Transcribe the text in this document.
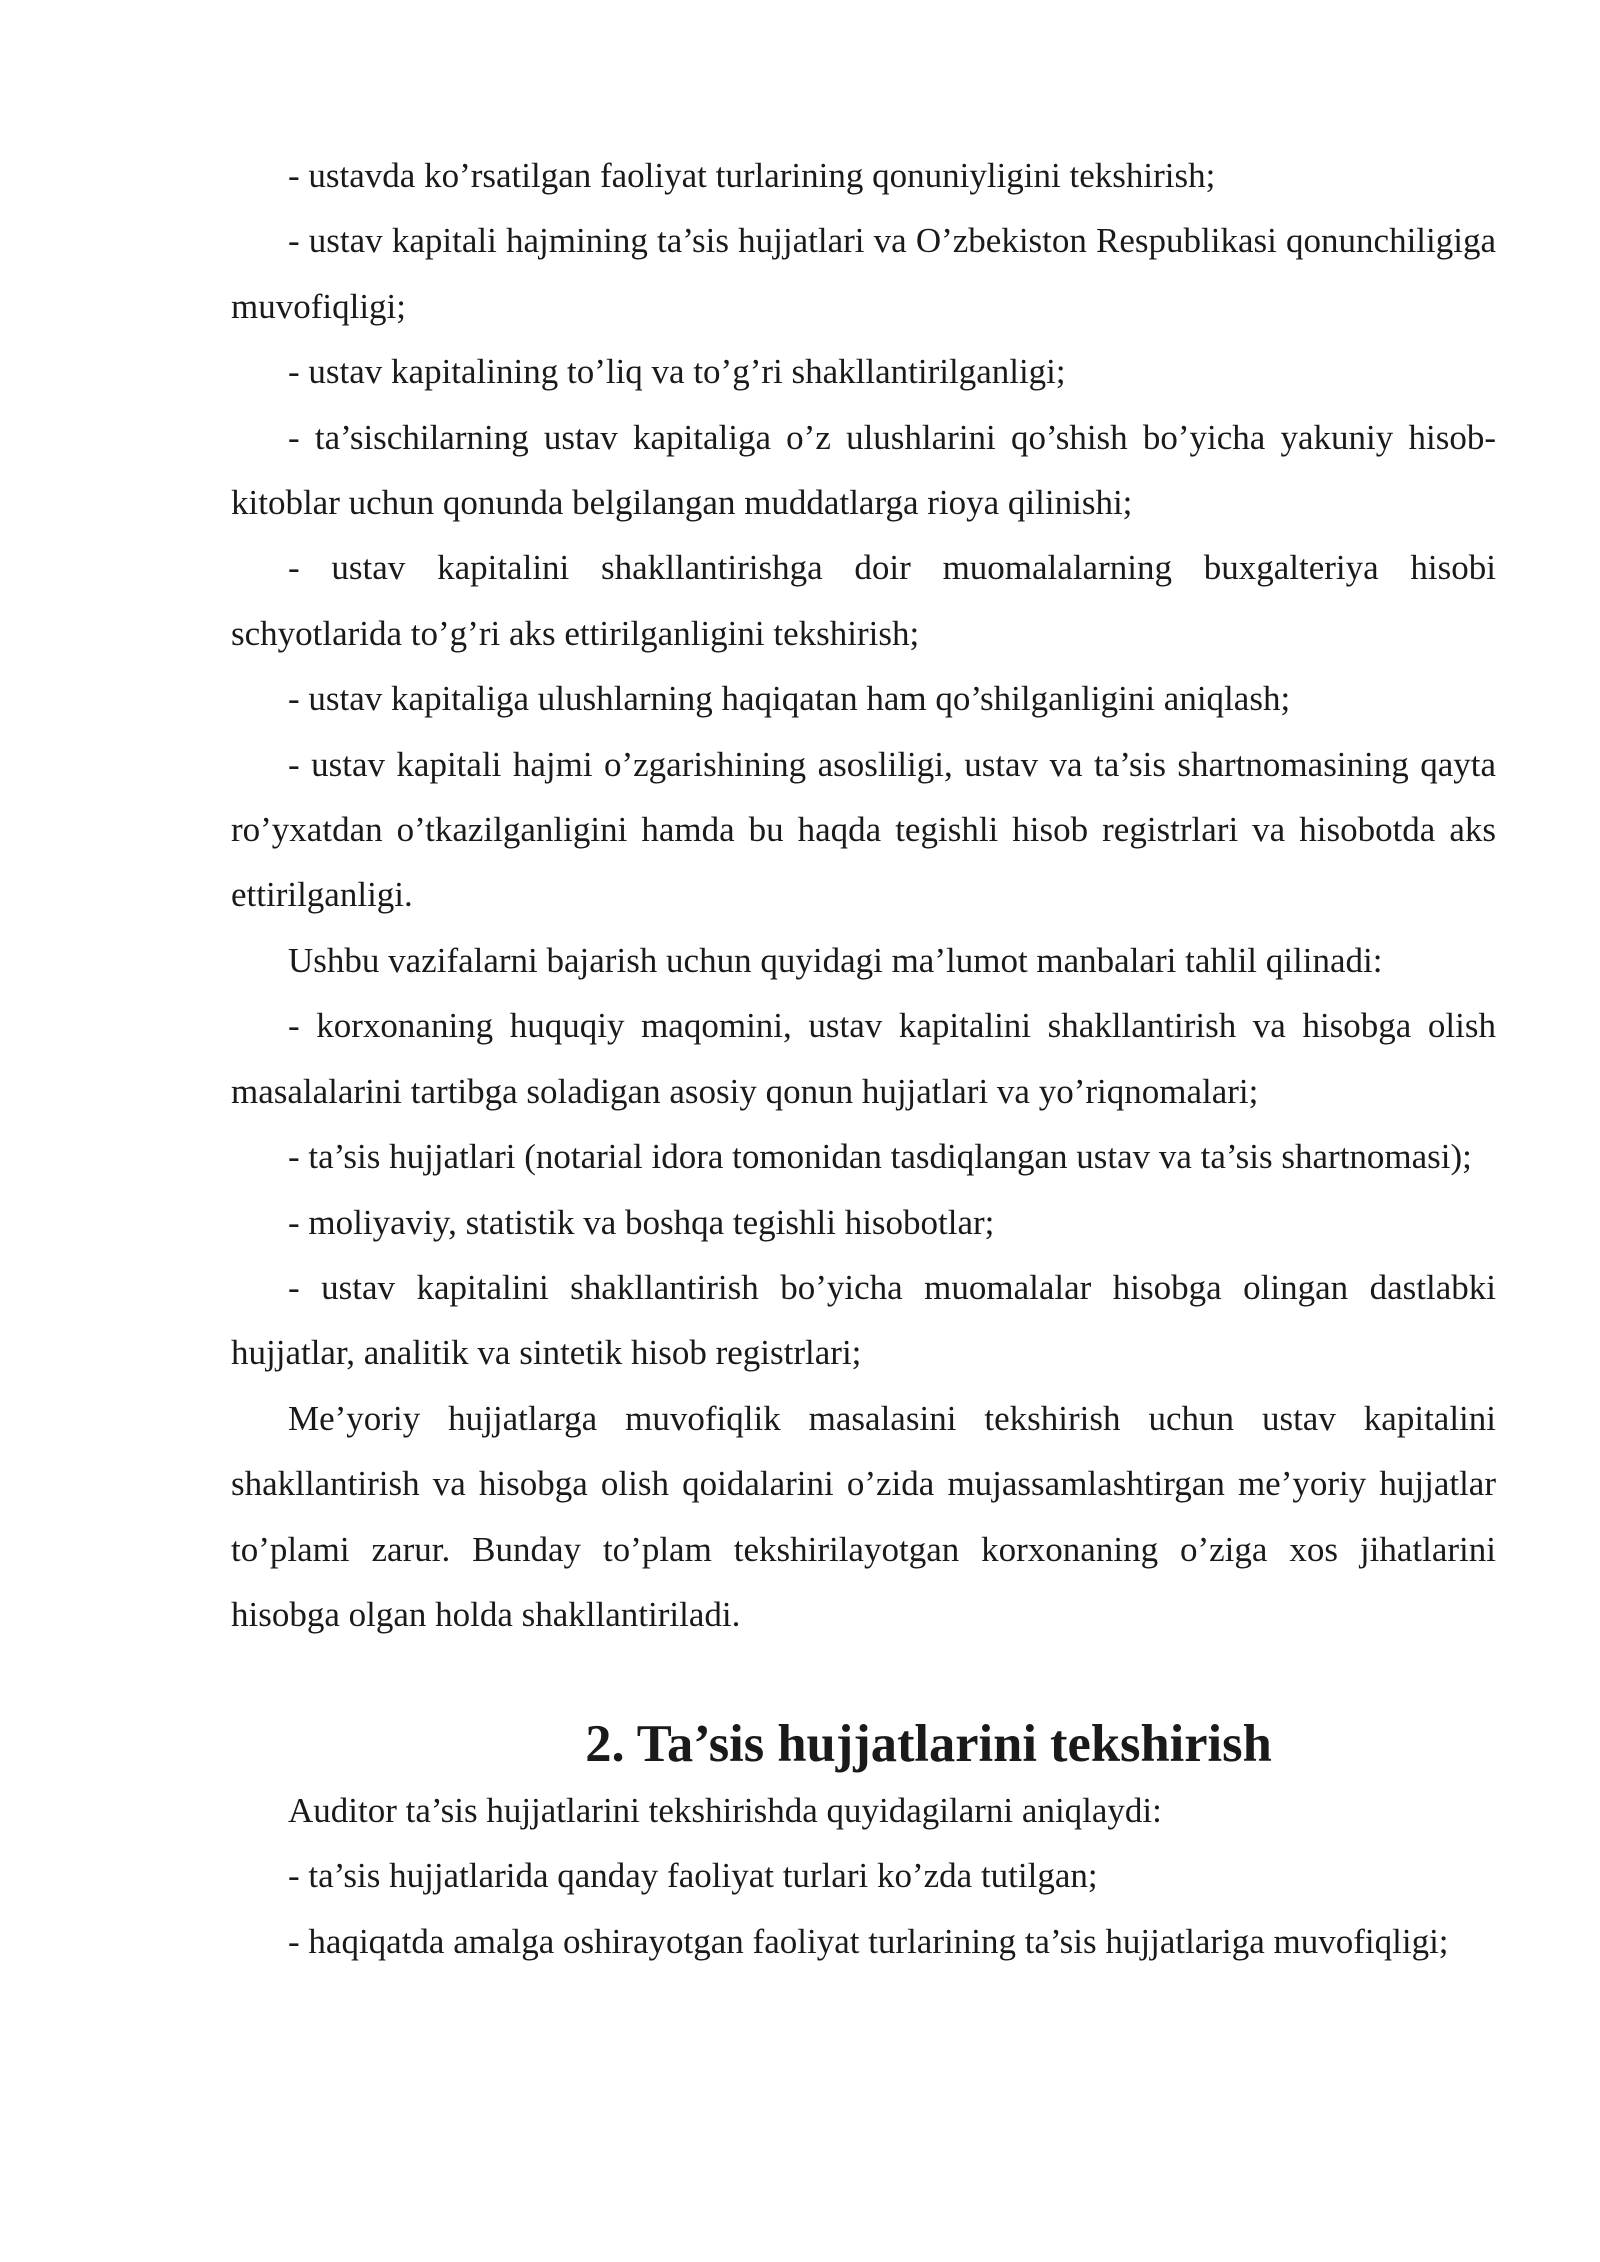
- ustavda ko’rsatilgan faoliyat turlarining qonuniyligini tekshirish;

- ustav kapitali hajmining ta’sis hujjatlari va O’zbekiston Respublikasi qonunchiligiga muvofiqligi;

- ustav kapitalining to’liq va to’g’ri shakllantirilganligi;

- ta’sischilarning ustav kapitaliga o’z ulushlarini qo’shish bo’yicha yakuniy hisob-kitoblar uchun qonunda belgilangan muddatlarga rioya qilinishi;

- ustav kapitalini shakllantirishga doir muomalalarning buxgalteriya hisobi schyotlarida to’g’ri aks ettirilganligini tekshirish;

- ustav kapitaliga ulushlarning haqiqatan ham qo’shilganligini aniqlash;

- ustav kapitali hajmi o’zgarishining asosliligi, ustav va ta’sis shartnomasining qayta ro’yxatdan o’tkazilganligini hamda bu haqda tegishli hisob registrlari va hisobotda aks ettirilganligi.

Ushbu vazifalarni bajarish uchun quyidagi ma’lumot manbalari tahlil qilinadi:

- korxonaning huquqiy maqomini, ustav kapitalini shakllantirish va hisobga olish masalalarini tartibga soladigan asosiy qonun hujjatlari va yo’riqnomalari;

- ta’sis hujjatlari (notarial idora tomonidan tasdiqlangan ustav va ta’sis shartnomasi);

- moliyaviy, statistik va boshqa tegishli hisobotlar;

- ustav kapitalini shakllantirish bo’yicha muomalalar hisobga olingan dastlabki hujjatlar, analitik va sintetik hisob registrlari;

Me’yoriy hujjatlarga muvofiqlik masalasini tekshirish uchun ustav kapitalini shakllantirish va hisobga olish qoidalarini o’zida mujassamlashtirgan me’yoriy hujjatlar to’plami zarur. Bunday to’plam tekshirilayotgan korxonaning o’ziga xos jihatlarini hisobga olgan holda shakllantiriladi.

2. Ta’sis hujjatlarini tekshirish

Auditor ta’sis hujjatlarini tekshirishda quyidagilarni aniqlaydi:

- ta’sis hujjatlarida qanday faoliyat turlari ko’zda tutilgan;

- haqiqatda amalga oshirayotgan faoliyat turlarining ta’sis hujjatlariga muvofiqligi;
